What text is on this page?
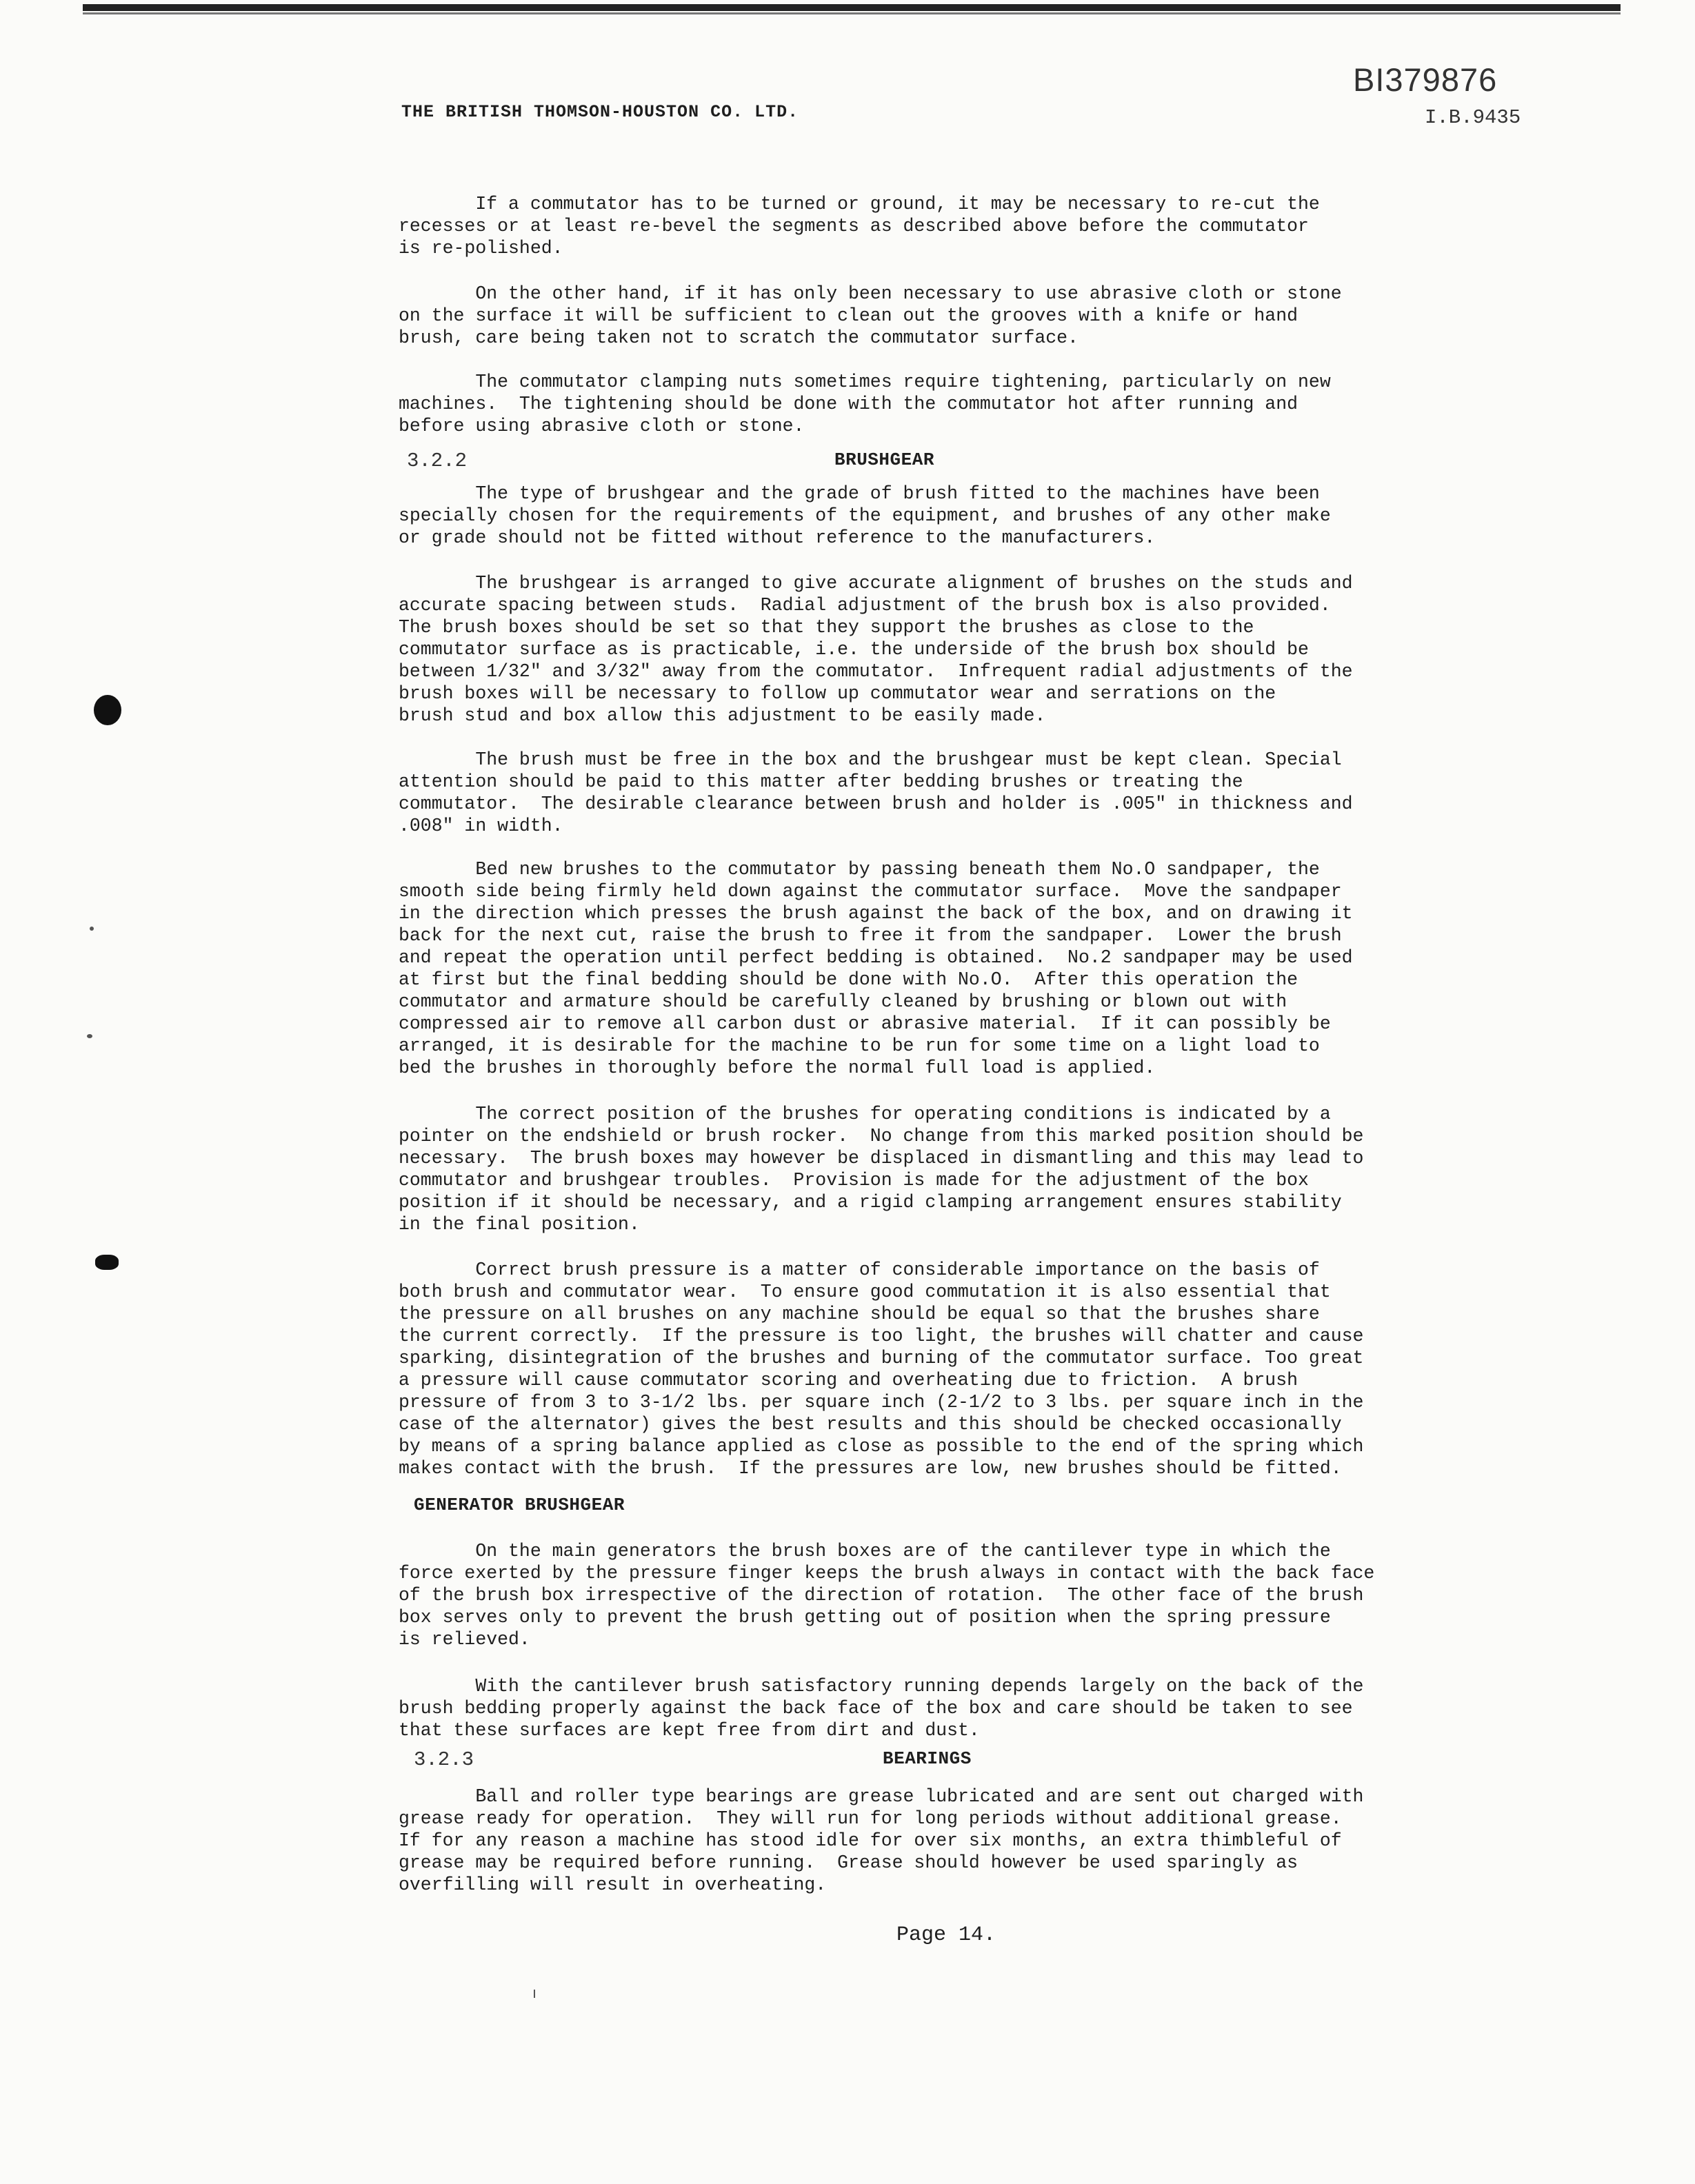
BI379876
THE BRITISH THOMSON-HOUSTON CO. LTD.	I.B.9435

If a commutator has to be turned or ground, it may be necessary to re-cut the
recesses or at least re-bevel the segments as described above before the commutator
is re-polished.

On the other hand, if it has only been necessary to use abrasive cloth or stone
on the surface it will be sufficient to clean out the grooves with a knife or hand
brush, care being taken not to scratch the commutator surface.

The commutator clamping nuts sometimes require tightening, particularly on new
machines.  The tightening should be done with the commutator hot after running and
before using abrasive cloth or stone.

3.2.2	BRUSHGEAR

The type of brushgear and the grade of brush fitted to the machines have been
specially chosen for the requirements of the equipment, and brushes of any other make
or grade should not be fitted without reference to the manufacturers.

The brushgear is arranged to give accurate alignment of brushes on the studs and
accurate spacing between studs.  Radial adjustment of the brush box is also provided.
The brush boxes should be set so that they support the brushes as close to the
commutator surface as is practicable, i.e. the underside of the brush box should be
between 1/32" and 3/32" away from the commutator.  Infrequent radial adjustments of the
brush boxes will be necessary to follow up commutator wear and serrations on the
brush stud and box allow this adjustment to be easily made.

The brush must be free in the box and the brushgear must be kept clean. Special
attention should be paid to this matter after bedding brushes or treating the
commutator.  The desirable clearance between brush and holder is .005" in thickness and
.008" in width.

Bed new brushes to the commutator by passing beneath them No.O sandpaper, the
smooth side being firmly held down against the commutator surface.  Move the sandpaper
in the direction which presses the brush against the back of the box, and on drawing it
back for the next cut, raise the brush to free it from the sandpaper.  Lower the brush
and repeat the operation until perfect bedding is obtained.  No.2 sandpaper may be used
at first but the final bedding should be done with No.O.  After this operation the
commutator and armature should be carefully cleaned by brushing or blown out with
compressed air to remove all carbon dust or abrasive material.  If it can possibly be
arranged, it is desirable for the machine to be run for some time on a light load to
bed the brushes in thoroughly before the normal full load is applied.

The correct position of the brushes for operating conditions is indicated by a
pointer on the endshield or brush rocker.  No change from this marked position should be
necessary.  The brush boxes may however be displaced in dismantling and this may lead to
commutator and brushgear troubles.  Provision is made for the adjustment of the box
position if it should be necessary, and a rigid clamping arrangement ensures stability
in the final position.

Correct brush pressure is a matter of considerable importance on the basis of
both brush and commutator wear.  To ensure good commutation it is also essential that
the pressure on all brushes on any machine should be equal so that the brushes share
the current correctly.  If the pressure is too light, the brushes will chatter and cause
sparking, disintegration of the brushes and burning of the commutator surface. Too great
a pressure will cause commutator scoring and overheating due to friction.  A brush
pressure of from 3 to 3-1/2 lbs. per square inch (2-1/2 to 3 lbs. per square inch in the
case of the alternator) gives the best results and this should be checked occasionally
by means of a spring balance applied as close as possible to the end of the spring which
makes contact with the brush.  If the pressures are low, new brushes should be fitted.

GENERATOR BRUSHGEAR

On the main generators the brush boxes are of the cantilever type in which the
force exerted by the pressure finger keeps the brush always in contact with the back face
of the brush box irrespective of the direction of rotation.  The other face of the brush
box serves only to prevent the brush getting out of position when the spring pressure
is relieved.

With the cantilever brush satisfactory running depends largely on the back of the
brush bedding properly against the back face of the box and care should be taken to see
that these surfaces are kept free from dirt and dust.

3.2.3	BEARINGS

Ball and roller type bearings are grease lubricated and are sent out charged with
grease ready for operation.  They will run for long periods without additional grease.
If for any reason a machine has stood idle for over six months, an extra thimbleful of
grease may be required before running.  Grease should however be used sparingly as
overfilling will result in overheating.

Page 14.
